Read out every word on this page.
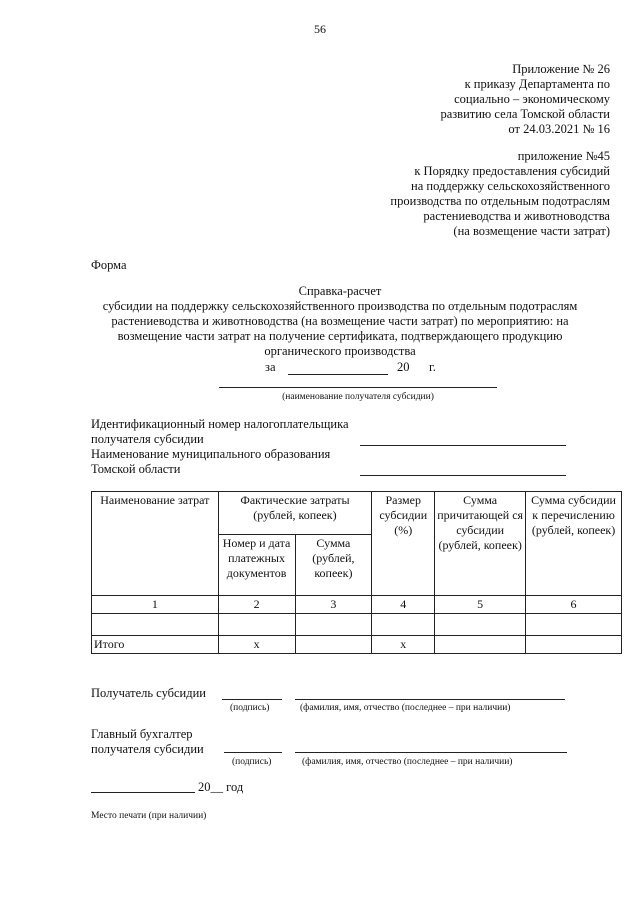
56
Приложение № 26
к приказу Департамента по
социально – экономическому
развитию села Томской области
от 24.03.2021 № 16
приложение №45
к Порядку предоставления субсидий
на поддержку сельскохозяйственного
производства по отдельным подотраслям
растениеводства и животноводства
(на возмещение части затрат)
Форма
Справка-расчет
субсидии на поддержку сельскохозяйственного производства по отдельным подотраслям
растениеводства и животноводства (на возмещение части затрат) по мероприятию: на
возмещение части затрат на получение сертификата, подтверждающего продукцию
органического производства
за	20 г.
(наименование получателя субсидии)
Идентификационный номер налогоплательщика
получателя субсидии
Наименование муниципального образования
Томской области
Наименование затрат	Фактические затраты (рублей, копеек)		Размер субсидии (%)	Сумма причитающей ся субсидии (рублей, копеек)	Сумма субсидии к перечислению (рублей, копеек)
	Номер и дата платежных документов	Сумма (рублей, копеек)			
1	2	3	4	5	6

Итого	x		x		
Получатель субсидии
(подпись)	(фамилия, имя, отчество (последнее – при наличии)
Главный бухгалтер
получателя субсидии
(подпись)	(фамилия, имя, отчество (последнее – при наличии)
20__ год
Место печати (при наличии)
